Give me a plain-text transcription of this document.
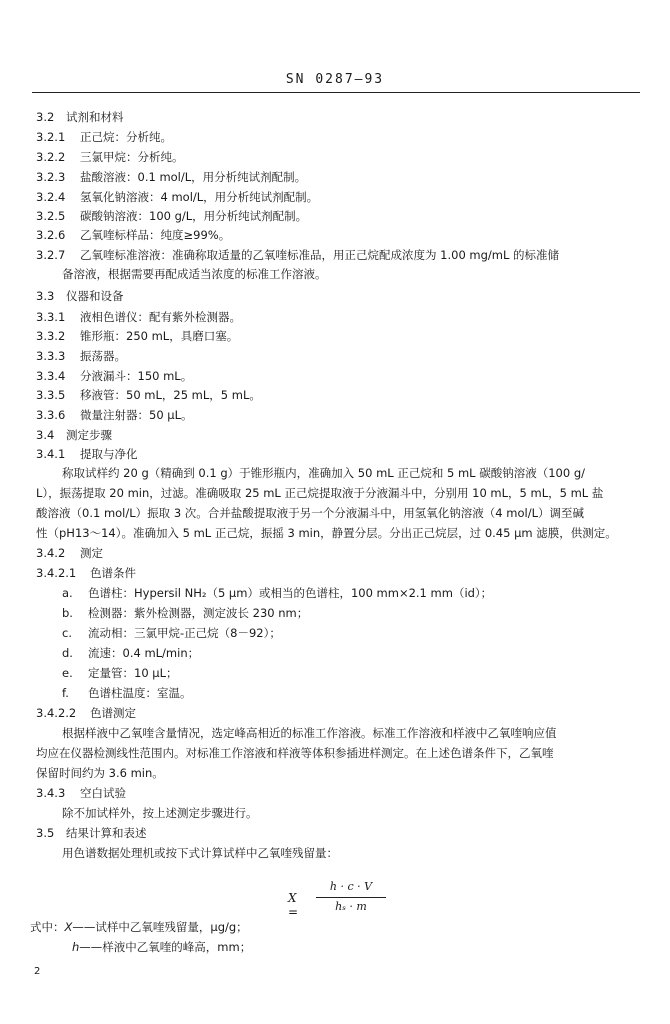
SN 0287—93
3.2 试剂和材料
3.2.1 正己烷：分析纯。
3.2.2 三氯甲烷：分析纯。
3.2.3 盐酸溶液：0.1 mol/L，用分析纯试剂配制。
3.2.4 氢氧化钠溶液：4 mol/L，用分析纯试剂配制。
3.2.5 碳酸钠溶液：100 g/L，用分析纯试剂配制。
3.2.6 乙氧喹标样品：纯度≥99%。
3.2.7 乙氧喹标准溶液：准确称取适量的乙氧喹标准品，用正己烷配成浓度为 1.00 mg/mL 的标准储
备溶液，根据需要再配成适当浓度的标准工作溶液。
3.3 仪器和设备
3.3.1 液相色谱仪：配有紫外检测器。
3.3.2 锥形瓶：250 mL，具磨口塞。
3.3.3 振荡器。
3.3.4 分液漏斗：150 mL。
3.3.5 移液管：50 mL，25 mL，5 mL。
3.3.6 微量注射器：50 μL。
3.4 测定步骤
3.4.1 提取与净化
称取试样约 20 g（精确到 0.1 g）于锥形瓶内，准确加入 50 mL 正己烷和 5 mL 碳酸钠溶液（100 g/
L），振荡提取 20 min，过滤。准确吸取 25 mL 正己烷提取液于分液漏斗中，分别用 10 mL，5 mL，5 mL 盐
酸溶液（0.1 mol/L）振取 3 次。合并盐酸提取液于另一个分液漏斗中，用氢氧化钠溶液（4 mol/L）调至碱
性（pH13～14）。准确加入 5 mL 正己烷，振摇 3 min，静置分层。分出正己烷层，过 0.45 μm 滤膜，供测定。
3.4.2 测定
3.4.2.1 色谱条件
a. 色谱柱：Hypersil NH₂（5 μm）或相当的色谱柱，100 mm×2.1 mm（id）；
b. 检测器：紫外检测器，测定波长 230 nm；
c. 流动相：三氯甲烷-正己烷（8－92）；
d. 流速：0.4 mL/min；
e. 定量管：10 μL；
f. 色谱柱温度：室温。
3.4.2.2 色谱测定
根据样液中乙氧喹含量情况，选定峰高相近的标准工作溶液。标准工作溶液和样液中乙氧喹响应值
均应在仪器检测线性范围内。对标准工作溶液和样液等体积参插进样测定。在上述色谱条件下，乙氧喹
保留时间约为 3.6 min。
3.4.3 空白试验
除不加试样外，按上述测定步骤进行。
3.5 结果计算和表述
用色谱数据处理机或按下式计算试样中乙氧喹残留量：
X =
h · c · V
hₛ · m
式中：X——试样中乙氧喹残留量，μg/g；
h——样液中乙氧喹的峰高，mm；
2
